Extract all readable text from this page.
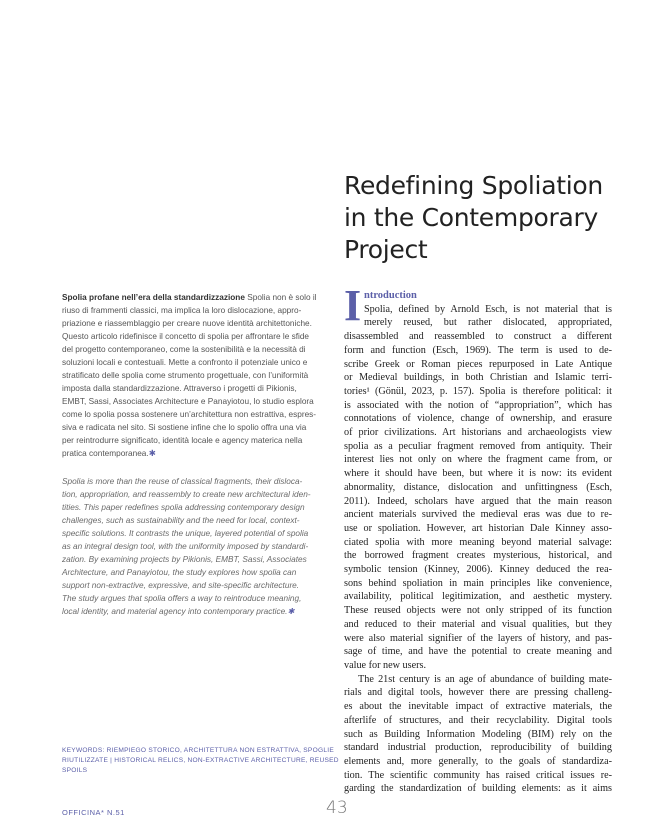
Redefining Spoliation
in the Contemporary
Project
Spolia profane nell’era della standardizzazione Spolia non è solo il
riuso di frammenti classici, ma implica la loro dislocazione, appro-
priazione e riassemblaggio per creare nuove identità architettoniche.
Questo articolo ridefinisce il concetto di spolia per affrontare le sfide
del progetto contemporaneo, come la sostenibilità e la necessità di
soluzioni locali e contestuali. Mette a confronto il potenziale unico e
stratificato delle spolia come strumento progettuale, con l’uniformità
imposta dalla standardizzazione. Attraverso i progetti di Pikionis,
EMBT, Sassi, Associates Architecture e Panayiotou, lo studio esplora
come lo spolia possa sostenere un’architettura non estrattiva, espres-
siva e radicata nel sito. Si sostiene infine che lo spolio offra una via
per reintrodurre significato, identità locale e agency materica nella
pratica contemporanea.✱
Spolia is more than the reuse of classical fragments, their disloca-
tion, appropriation, and reassembly to create new architectural iden-
tities. This paper redefines spolia addressing contemporary design
challenges, such as sustainability and the need for local, context-
specific solutions. It contrasts the unique, layered potential of spolia
as an integral design tool, with the uniformity imposed by standardi-
zation. By examining projects by Pikionis, EMBT, Sassi, Associates
Architecture, and Panayiotou, the study explores how spolia can
support non-extractive, expressive, and site-specific architecture.
The study argues that spolia offers a way to reintroduce meaning,
local identity, and material agency into contemporary practice.✱
KEYWORDS: RIEMPIEGO STORICO, ARCHITETTURA NON ESTRATTIVA, SPOGLIE
RIUTILIZZATE | HISTORICAL RELICS, NON-EXTRACTIVE ARCHITECTURE, REUSED
SPOILS
OFFICINA* N.51	43
I ntroduction
Spolia, defined by Arnold Esch, is not material that is
merely reused, but rather dislocated, appropriated,
disassembled and reassembled to construct a different
form and function (Esch, 1969). The term is used to de-
scribe Greek or Roman pieces repurposed in Late Antique
or Medieval buildings, in both Christian and Islamic terri-
tories¹ (Gönül, 2023, p. 157). Spolia is therefore political: it
is associated with the notion of “appropriation”, which has
connotations of violence, change of ownership, and erasure
of prior civilizations. Art historians and archaeologists view
spolia as a peculiar fragment removed from antiquity. Their
interest lies not only on where the fragment came from, or
where it should have been, but where it is now: its evident
abnormality, distance, dislocation and unfittingness (Esch,
2011). Indeed, scholars have argued that the main reason
ancient materials survived the medieval eras was due to re-
use or spoliation. However, art historian Dale Kinney asso-
ciated spolia with more meaning beyond material salvage:
the borrowed fragment creates mysterious, historical, and
symbolic tension (Kinney, 2006). Kinney deduced the rea-
sons behind spoliation in main principles like convenience,
availability, political legitimization, and aesthetic mystery.
These reused objects were not only stripped of its function
and reduced to their material and visual qualities, but they
were also material signifier of the layers of history, and pas-
sage of time, and have the potential to create meaning and
value for new users.
The 21st century is an age of abundance of building mate-
rials and digital tools, however there are pressing challeng-
es about the inevitable impact of extractive materials, the
afterlife of structures, and their recyclability. Digital tools
such as Building Information Modeling (BIM) rely on the
standard industrial production, reproducibility of building
elements and, more generally, to the goals of standardiza-
tion. The scientific community has raised critical issues re-
garding the standardization of building elements: as it aims
